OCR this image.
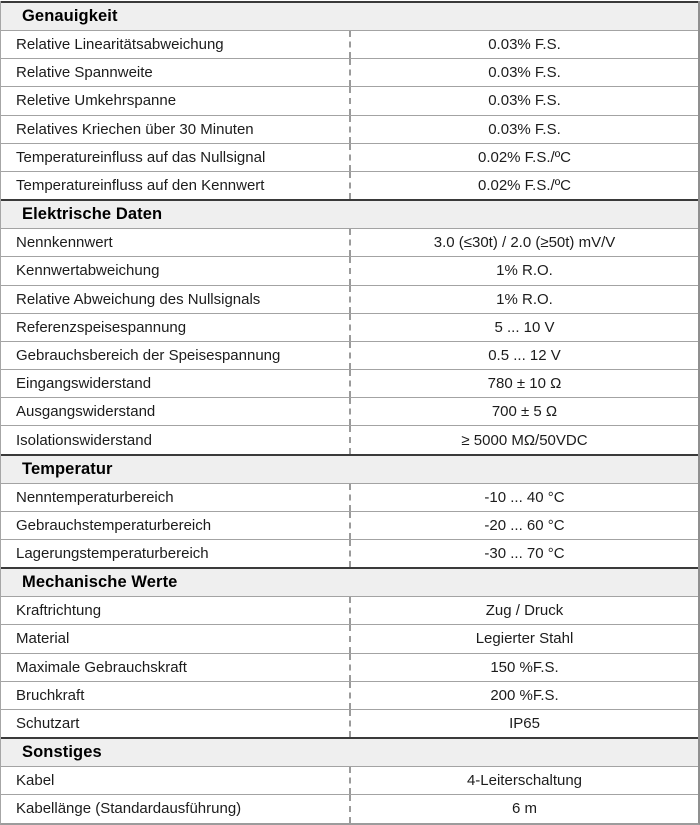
Genauigkeit
Relative Linearitätsabweichung	0.03% F.S.
Relative Spannweite	0.03% F.S.
Reletive Umkehrspanne	0.03% F.S.
Relatives Kriechen über 30 Minuten	0.03% F.S.
Temperatureinfluss auf das Nullsignal	0.02% F.S./ºC
Temperatureinfluss auf den Kennwert	0.02% F.S./ºC
Elektrische Daten
Nennkennwert	3.0 (≤30t) / 2.0 (≥50t) mV/V
Kennwertabweichung	1% R.O.
Relative Abweichung des Nullsignals	1% R.O.
Referenzspeisespannung	5 ... 10 V
Gebrauchsbereich der Speisespannung	0.5 ... 12 V
Eingangswiderstand	780 ± 10 Ω
Ausgangswiderstand	700 ± 5 Ω
Isolationswiderstand	≥ 5000 MΩ/50VDC
Temperatur
Nenntemperaturbereich	-10 ... 40 °C
Gebrauchstemperaturbereich	-20 ... 60 °C
Lagerungstemperaturbereich	-30 ... 70 °C
Mechanische Werte
Kraftrichtung	Zug / Druck
Material	Legierter Stahl
Maximale Gebrauchskraft	150 %F.S.
Bruchkraft	200 %F.S.
Schutzart	IP65
Sonstiges
Kabel	4-Leiterschaltung
Kabellänge (Standardausführung)	6 m
